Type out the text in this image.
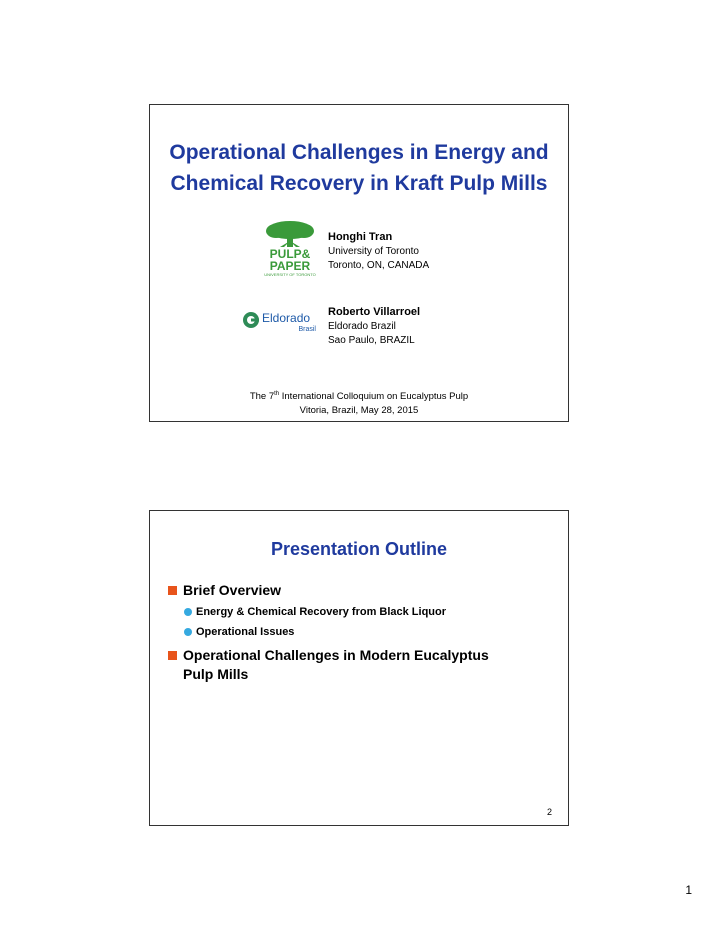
Operational Challenges in Energy and
Chemical Recovery in Kraft Pulp Mills
PULP&
PAPER
UNIVERSITY OF TORONTO
Honghi Tran
University of Toronto
Toronto, ON, CANADA
Eldorado
Brasil
Roberto Villarroel
Eldorado Brazil
Sao Paulo, BRAZIL
The 7th International Colloquium on Eucalyptus Pulp
Vitoria, Brazil, May 28, 2015
Presentation Outline
Brief Overview
Energy & Chemical Recovery from Black Liquor
Operational Issues
Operational Challenges in Modern Eucalyptus
Pulp Mills
2
1
